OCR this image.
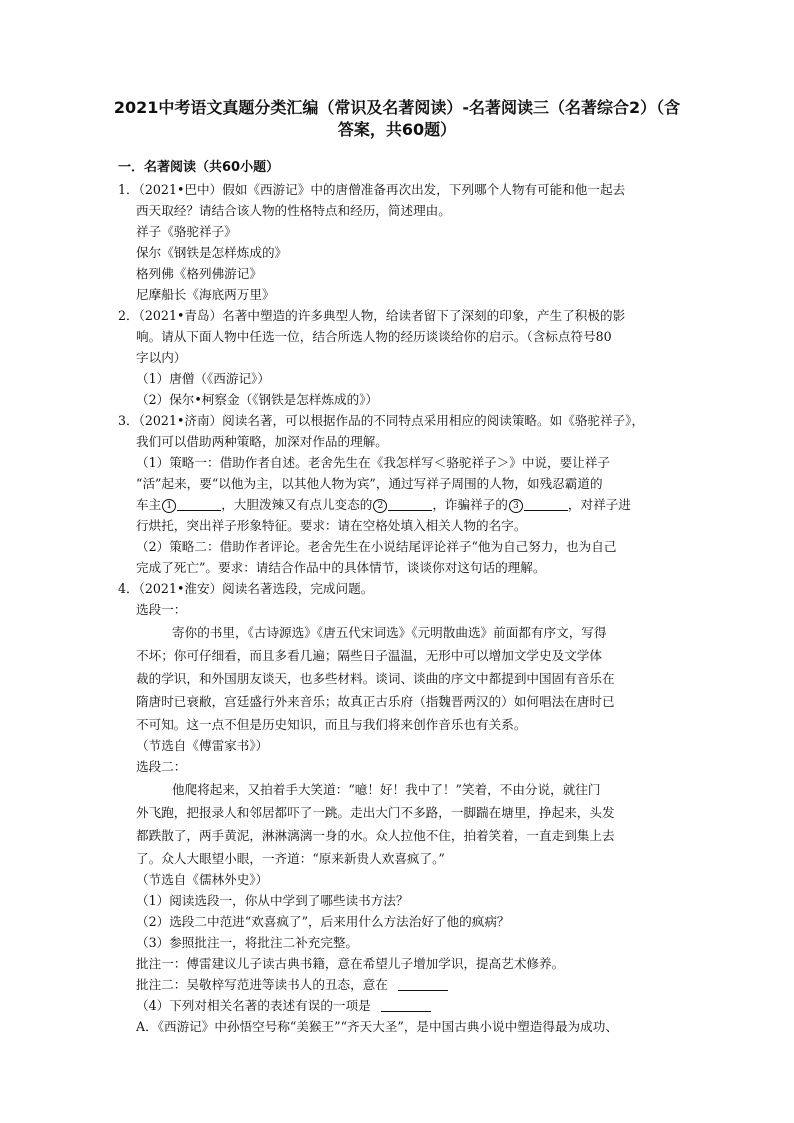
2021中考语文真题分类汇编（常识及名著阅读）-名著阅读三（名著综合2）（含
答案，共60题）
一．名著阅读（共60小题）
1．（2021•巴中）假如《西游记》中的唐僧准备再次出发，下列哪个人物有可能和他一起去
西天取经？请结合该人物的性格特点和经历，简述理由。
祥子《骆驼祥子》
保尔《钢铁是怎样炼成的》
格列佛《格列佛游记》
尼摩船长《海底两万里》
2．（2021•青岛）名著中塑造的许多典型人物，给读者留下了深刻的印象，产生了积极的影
响。请从下面人物中任选一位，结合所选人物的经历谈谈给你的启示。（含标点符号80
字以内）
（1）唐僧（《西游记》）
（2）保尔•柯察金（《钢铁是怎样炼成的》）
3．（2021•济南）阅读名著，可以根据作品的不同特点采用相应的阅读策略。如《骆驼祥子》，
我们可以借助两种策略，加深对作品的理解。
（1）策略一：借助作者自述。老舍先生在《我怎样写＜骆驼祥子＞》中说，要让祥子
“活”起来，要“以他为主，以其他人物为宾”，通过写祥子周围的人物，如残忍霸道的
车主 1	，大胆泼辣又有点儿变态的 2	，诈骗祥子的 3	，对祥子进
行烘托，突出祥子形象特征。要求：请在空格处填入相关人物的名字。
（2）策略二：借助作者评论。老舍先生在小说结尾评论祥子“他为自己努力，也为自己
完成了死亡”。要求：请结合作品中的具体情节，谈谈你对这句话的理解。
4．（2021•淮安）阅读名著选段，完成问题。
选段一：
寄你的书里，《古诗源选》《唐五代宋词选》《元明散曲选》前面都有序文，写得
不坏；你可仔细看，而且多看几遍；隔些日子温温，无形中可以增加文学史及文学体
裁的学识，和外国朋友谈天，也多些材料。谈词、谈曲的序文中都提到中国固有音乐在
隋唐时已衰敝，宫廷盛行外来音乐；故真正古乐府（指魏晋两汉的）如何唱法在唐时已
不可知。这一点不但是历史知识，而且与我们将来创作音乐也有关系。
（节选自《傅雷家书》）
选段二：
他爬将起来，又拍着手大笑道：“噫！好！我中了！”笑着，不由分说，就往门
外飞跑，把报录人和邻居都吓了一跳。走出大门不多路，一脚踹在塘里，挣起来，头发
都跌散了，两手黄泥，淋淋漓漓一身的水。众人拉他不住，拍着笑着，一直走到集上去
了。众人大眼望小眼，一齐道：“原来新贵人欢喜疯了。”
（节选自《儒林外史》）
（1）阅读选段一，你从中学到了哪些读书方法？
（2）选段二中范进“欢喜疯了”，后来用什么方法治好了他的疯病？
（3）参照批注一，将批注二补充完整。
批注一：傅雷建议儿子读古典书籍，意在希望儿子增加学识，提高艺术修养。
批注二：吴敬梓写范进等读书人的丑态，意在
（4）下列对相关名著的表述有误的一项是
A．《西游记》中孙悟空号称“美猴王”“齐天大圣”，是中国古典小说中塑造得最为成功、
